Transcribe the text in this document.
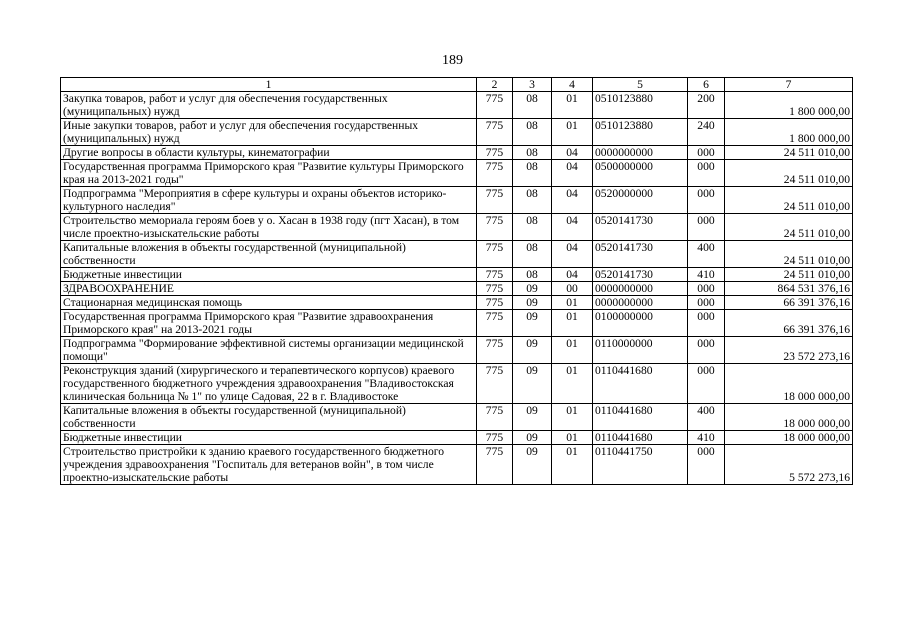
189
1	2	3	4	5	6	7
Закупка товаров, работ и услуг для обеспечения государственных (муниципальных) нужд	775	08	01	0510123880	200	1 800 000,00
Иные закупки товаров, работ и услуг для обеспечения государственных (муниципальных) нужд	775	08	01	0510123880	240	1 800 000,00
Другие вопросы в области культуры, кинематографии	775	08	04	0000000000	000	24 511 010,00
Государственная программа Приморского края "Развитие культуры Приморского края на 2013-2021 годы"	775	08	04	0500000000	000	24 511 010,00
Подпрограмма "Мероприятия в сфере культуры и охраны объектов историко-культурного наследия"	775	08	04	0520000000	000	24 511 010,00
Строительство мемориала героям боев у о. Хасан в 1938 году (пгт Хасан), в том числе проектно-изыскательские работы	775	08	04	0520141730	000	24 511 010,00
Капитальные вложения в объекты государственной (муниципальной) собственности	775	08	04	0520141730	400	24 511 010,00
Бюджетные инвестиции	775	08	04	0520141730	410	24 511 010,00
ЗДРАВООХРАНЕНИЕ	775	09	00	0000000000	000	864 531 376,16
Стационарная медицинская помощь	775	09	01	0000000000	000	66 391 376,16
Государственная программа Приморского края "Развитие здравоохранения Приморского края" на 2013-2021 годы	775	09	01	0100000000	000	66 391 376,16
Подпрограмма "Формирование эффективной системы организации медицинской помощи"	775	09	01	0110000000	000	23 572 273,16
Реконструкция зданий (хирургического и терапевтического корпусов) краевого государственного бюджетного учреждения здравоохранения "Владивостокская клиническая больница № 1" по улице Садовая, 22 в г. Владивостоке	775	09	01	0110441680	000	18 000 000,00
Капитальные вложения в объекты государственной (муниципальной) собственности	775	09	01	0110441680	400	18 000 000,00
Бюджетные инвестиции	775	09	01	0110441680	410	18 000 000,00
Строительство пристройки к зданию краевого государственного бюджетного учреждения здравоохранения "Госпиталь для ветеранов войн", в том числе проектно-изыскательские работы	775	09	01	0110441750	000	5 572 273,16
